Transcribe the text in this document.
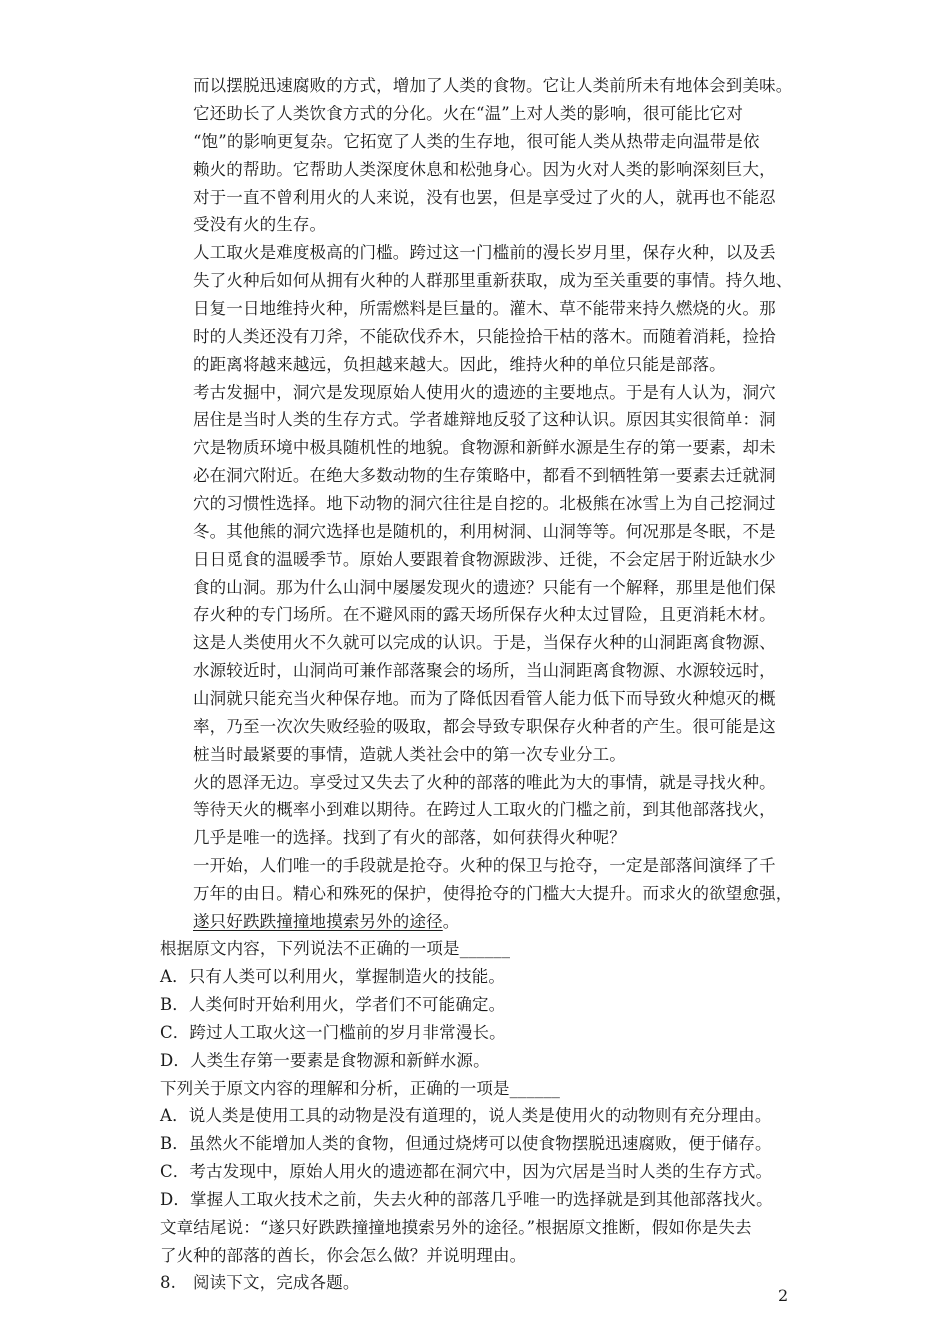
而以摆脱迅速腐败的方式，增加了人类的食物。它让人类前所未有地体会到美味。
它还助长了人类饮食方式的分化。火在“温”上对人类的影响，很可能比它对
“饱”的影响更复杂。它拓宽了人类的生存地，很可能人类从热带走向温带是依
赖火的帮助。它帮助人类深度休息和松弛身心。因为火对人类的影响深刻巨大，
对于一直不曾利用火的人来说，没有也罢，但是享受过了火的人，就再也不能忍
受没有火的生存。
人工取火是难度极高的门槛。跨过这一门槛前的漫长岁月里，保存火种，以及丢
失了火种后如何从拥有火种的人群那里重新获取，成为至关重要的事情。持久地、
日复一日地维持火种，所需燃料是巨量的。灌木、草不能带来持久燃烧的火。那
时的人类还没有刀斧，不能砍伐乔木，只能捡拾干枯的落木。而随着消耗，捡拾
的距离将越来越远，负担越来越大。因此，维持火种的单位只能是部落。
考古发掘中，洞穴是发现原始人使用火的遗迹的主要地点。于是有人认为，洞穴
居住是当时人类的生存方式。学者雄辩地反驳了这种认识。原因其实很简单：洞
穴是物质环境中极具随机性的地貌。食物源和新鲜水源是生存的第一要素，却未
必在洞穴附近。在绝大多数动物的生存策略中，都看不到牺牲第一要素去迁就洞
穴的习惯性选择。地下动物的洞穴往往是自挖的。北极熊在冰雪上为自己挖洞过
冬。其他熊的洞穴选择也是随机的，利用树洞、山洞等等。何况那是冬眠，不是
日日觅食的温暖季节。原始人要跟着食物源跋涉、迁徙，不会定居于附近缺水少
食的山洞。那为什么山洞中屡屡发现火的遗迹？只能有一个解释，那里是他们保
存火种的专门场所。在不避风雨的露天场所保存火种太过冒险，且更消耗木材。
这是人类使用火不久就可以完成的认识。于是，当保存火种的山洞距离食物源、
水源较近时，山洞尚可兼作部落聚会的场所，当山洞距离食物源、水源较远时，
山洞就只能充当火种保存地。而为了降低因看管人能力低下而导致火种熄灭的概
率，乃至一次次失败经验的吸取，都会导致专职保存火种者的产生。很可能是这
桩当时最紧要的事情，造就人类社会中的第一次专业分工。
火的恩泽无边。享受过又失去了火种的部落的唯此为大的事情，就是寻找火种。
等待天火的概率小到难以期待。在跨过人工取火的门槛之前，到其他部落找火，
几乎是唯一的选择。找到了有火的部落，如何获得火种呢？
一开始，人们唯一的手段就是抢夺。火种的保卫与抢夺，一定是部落间演绎了千
万年的由日。精心和殊死的保护，使得抢夺的门槛大大提升。而求火的欲望愈强，
遂只好跌跌撞撞地摸索另外的途径。
根据原文内容，下列说法不正确的一项是______
A．只有人类可以利用火，掌握制造火的技能。
B．人类何时开始利用火，学者们不可能确定。
C．跨过人工取火这一门槛前的岁月非常漫长。
D．人类生存第一要素是食物源和新鲜水源。
下列关于原文内容的理解和分析，正确的一项是______
A．说人类是使用工具的动物是没有道理的，说人类是使用火的动物则有充分理由。
B．虽然火不能增加人类的食物，但通过烧烤可以使食物摆脱迅速腐败，便于储存。
C．考古发现中，原始人用火的遗迹都在洞穴中，因为穴居是当时人类的生存方式。
D．掌握人工取火技术之前，失去火种的部落几乎唯一旳选择就是到其他部落找火。
文章结尾说：“遂只好跌跌撞撞地摸索另外的途径。”根据原文推断，假如你是失去
了火种的部落的酋长，你会怎么做？并说明理由。
8. 阅读下文，完成各题。
2
